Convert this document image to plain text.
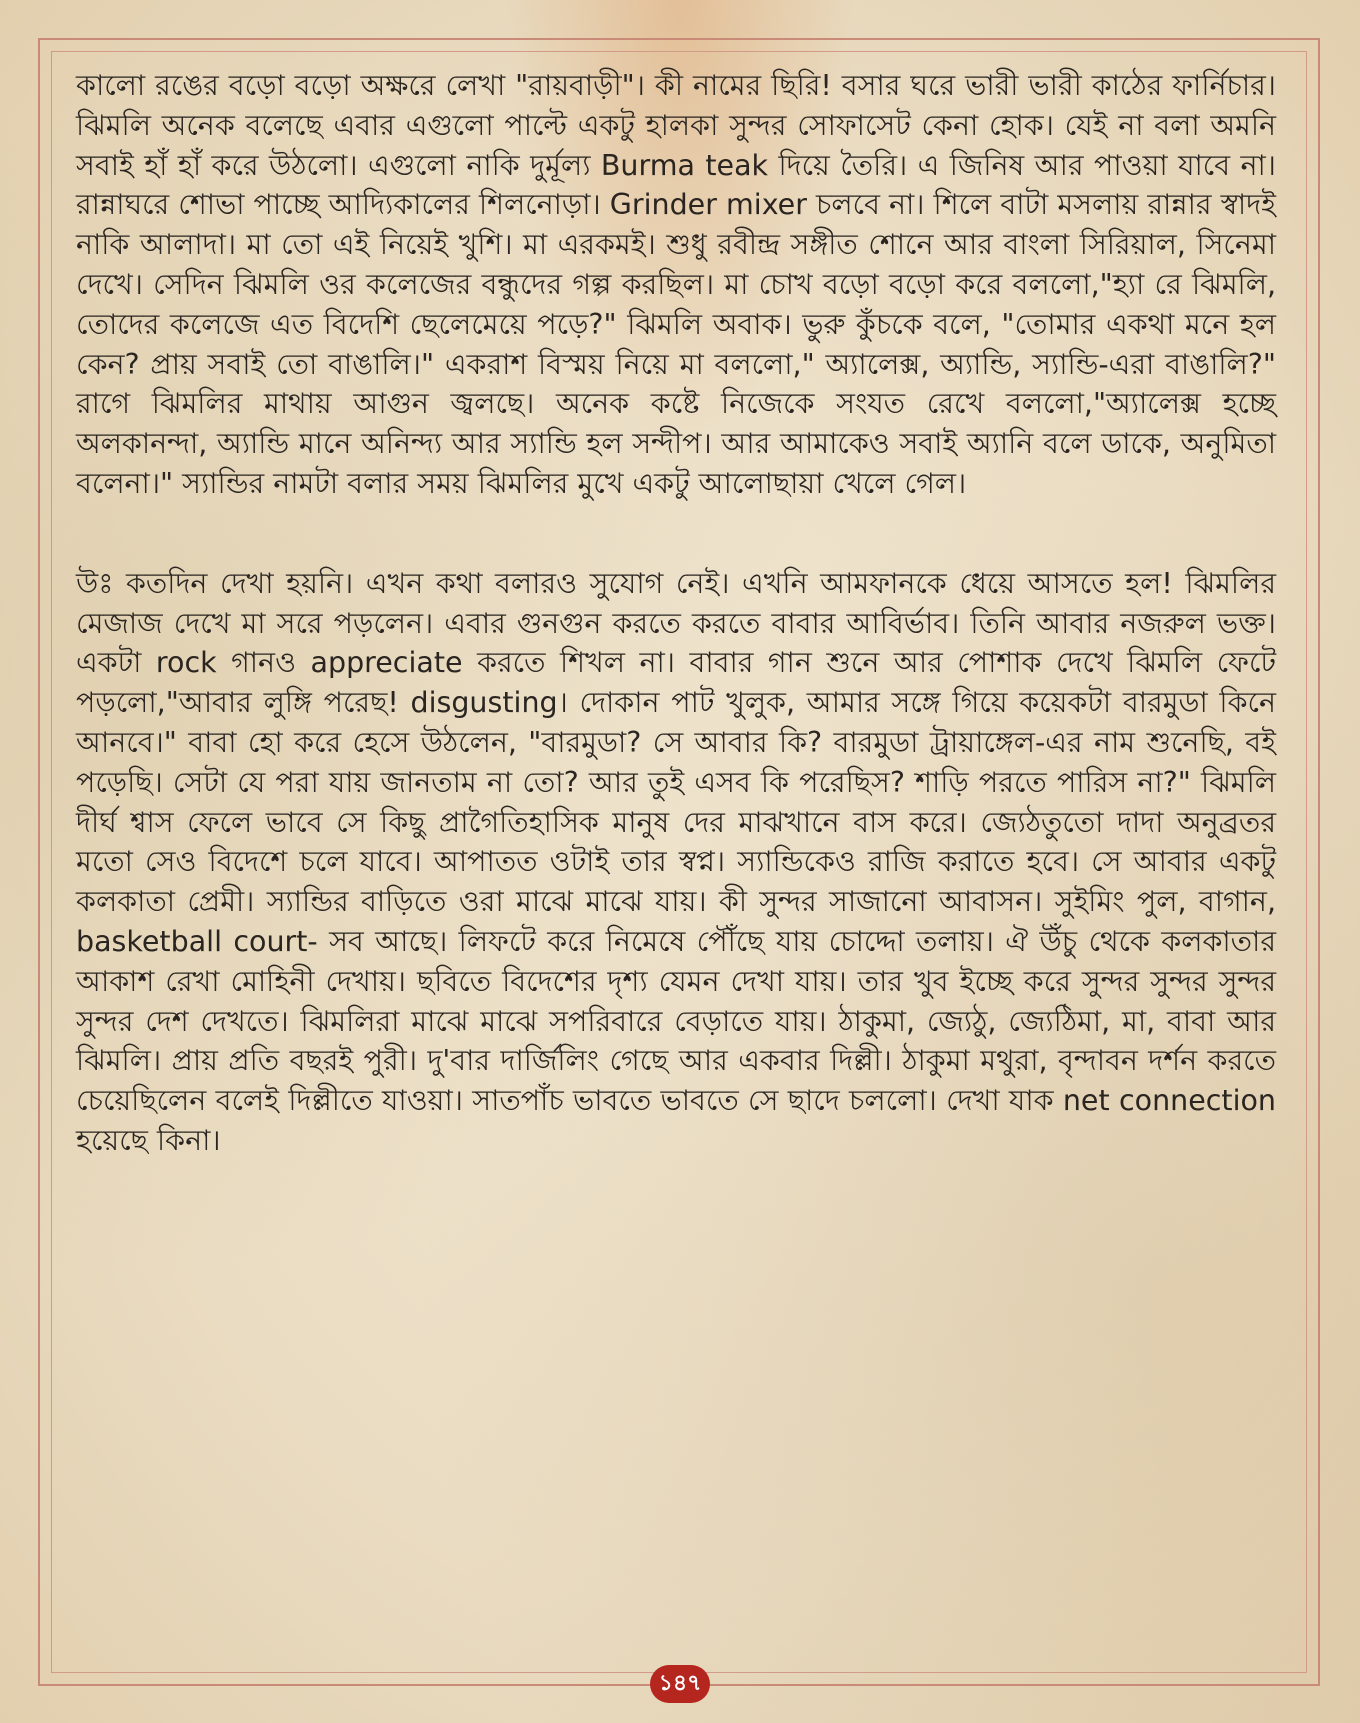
কালো রঙের বড়ো বড়ো অক্ষরে লেখা "রায়বাড়ী"। কী নামের ছিরি! বসার ঘরে ভারী ভারী কাঠের ফার্নিচার। ঝিমলি অনেক বলেছে এবার এগুলো পাল্টে একটু হালকা সুন্দর সোফাসেট কেনা হোক। যেই না বলা অমনি সবাই হাঁ হাঁ করে উঠলো। এগুলো নাকি দুর্মূল্য Burma teak দিয়ে তৈরি। এ জিনিষ আর পাওয়া যাবে না। রান্নাঘরে শোভা পাচ্ছে আদ্যিকালের শিলনোড়া। Grinder mixer চলবে না। শিলে বাটা মসলায় রান্নার স্বাদই নাকি আলাদা। মা তো এই নিয়েই খুশি। মা এরকমই। শুধু রবীন্দ্র সঙ্গীত শোনে আর বাংলা সিরিয়াল, সিনেমা দেখে। সেদিন ঝিমলি ওর কলেজের বন্ধুদের গল্প করছিল। মা চোখ বড়ো বড়ো করে বললো,"হ্যা রে ঝিমলি, তোদের কলেজে এত বিদেশি ছেলেমেয়ে পড়ে?" ঝিমলি অবাক। ভুরু কুঁচকে বলে, "তোমার একথা মনে হল কেন? প্রায় সবাই তো বাঙালি।" একরাশ বিস্ময় নিয়ে মা বললো," অ্যালেক্স, অ্যান্ডি, স্যান্ডি-এরা বাঙালি?" রাগে ঝিমলির মাথায় আগুন জ্বলছে। অনেক কষ্টে নিজেকে সংযত রেখে বললো,"অ্যালেক্স হচ্ছে অলকানন্দা, অ্যান্ডি মানে অনিন্দ্য আর স্যান্ডি হল সন্দীপ। আর আমাকেও সবাই অ্যানি বলে ডাকে, অনুমিতা বলেনা।" স্যান্ডির নামটা বলার সময় ঝিমলির মুখে একটু আলোছায়া খেলে গেল।

উঃ কতদিন দেখা হয়নি। এখন কথা বলারও সুযোগ নেই। এখনি আমফানকে ধেয়ে আসতে হল! ঝিমলির মেজাজ দেখে মা সরে পড়লেন। এবার গুনগুন করতে করতে বাবার আবির্ভাব। তিনি আবার নজরুল ভক্ত। একটা rock গানও appreciate করতে শিখল না। বাবার গান শুনে আর পোশাক দেখে ঝিমলি ফেটে পড়লো,"আবার লুঙ্গি পরেছ! disgusting। দোকান পাট খুলুক, আমার সঙ্গে গিয়ে কয়েকটা বারমুডা কিনে আনবে।" বাবা হো করে হেসে উঠলেন, "বারমুডা? সে আবার কি? বারমুডা ট্রায়াঙ্গেল-এর নাম শুনেছি, বই পড়েছি। সেটা যে পরা যায় জানতাম না তো? আর তুই এসব কি পরেছিস? শাড়ি পরতে পারিস না?" ঝিমলি দীর্ঘ শ্বাস ফেলে ভাবে সে কিছু প্রাগৈতিহাসিক মানুষ দের মাঝখানে বাস করে। জ্যেঠতুতো দাদা অনুব্রতর মতো সেও বিদেশে চলে যাবে। আপাতত ওটাই তার স্বপ্ন। স্যান্ডিকেও রাজি করাতে হবে। সে আবার একটু কলকাতা প্রেমী। স্যান্ডির বাড়িতে ওরা মাঝে মাঝে যায়। কী সুন্দর সাজানো আবাসন। সুইমিং পুল, বাগান, basketball court- সব আছে। লিফটে করে নিমেষে পৌঁছে যায় চোদ্দো তলায়। ঐ উঁচু থেকে কলকাতার আকাশ রেখা মোহিনী দেখায়। ছবিতে বিদেশের দৃশ্য যেমন দেখা যায়। তার খুব ইচ্ছে করে সুন্দর সুন্দর সুন্দর সুন্দর দেশ দেখতে। ঝিমলিরা মাঝে মাঝে সপরিবারে বেড়াতে যায়। ঠাকুমা, জ্যেঠু, জ্যেঠিমা, মা, বাবা আর ঝিমলি। প্রায় প্রতি বছরই পুরী। দু'বার দার্জিলিং গেছে আর একবার দিল্লী। ঠাকুমা মথুরা, বৃন্দাবন দর্শন করতে চেয়েছিলেন বলেই দিল্লীতে যাওয়া। সাতপাঁচ ভাবতে ভাবতে সে ছাদে চললো। দেখা যাক net connection হয়েছে কিনা।

১৪৭
